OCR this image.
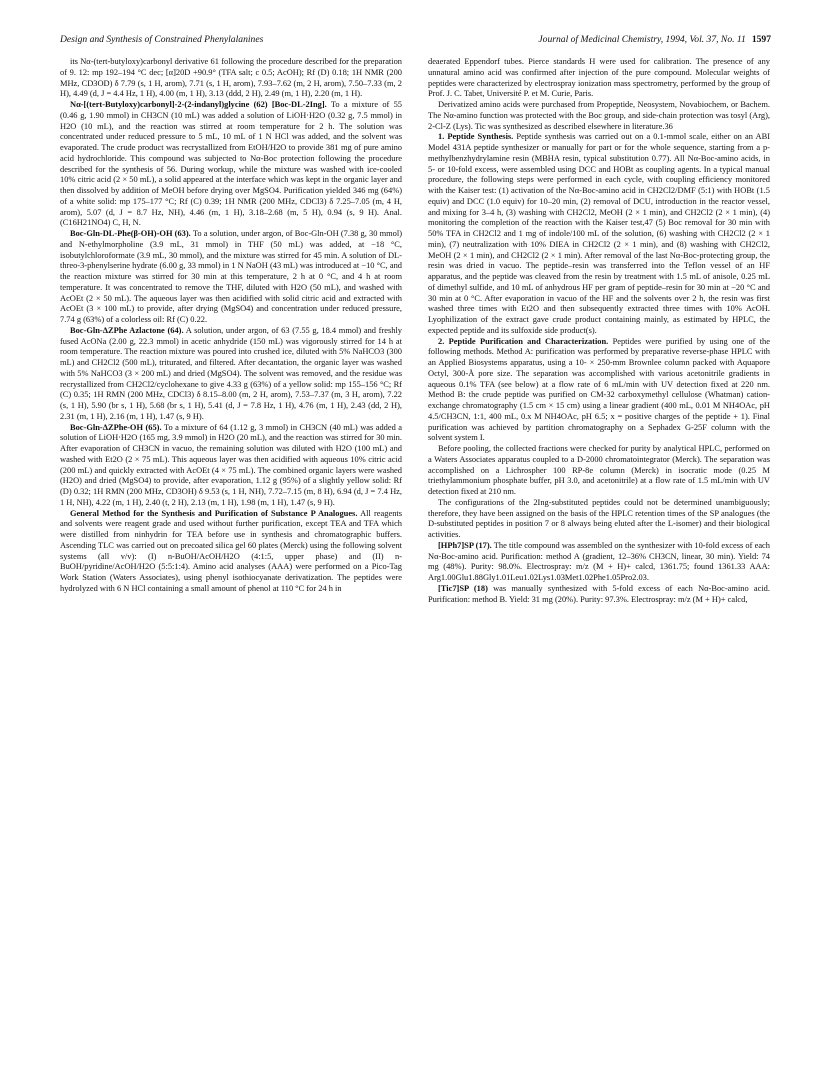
Design and Synthesis of Constrained Phenylalanines	Journal of Medicinal Chemistry, 1994, Vol. 37, No. 11 1597

its Nα-(tert-butyloxy)carbonyl derivative 61 following the procedure described for the preparation of 9. 12: mp 192–194 °C dec; [α]20D +90.9° (TFA salt; c 0.5; AcOH); Rf (D) 0.18; 1H NMR (200 MHz, CD3OD) δ 7.79 (s, 1 H, arom), 7.71 (s, 1 H, arom), 7.93–7.62 (m, 2 H, arom), 7.50–7.33 (m, 2 H), 4.49 (d, J = 4.4 Hz, 1 H), 4.00 (m, 1 H), 3.13 (ddd, 2 H), 2.49 (m, 1 H), 2.20 (m, 1 H).

Nα-[(tert-Butyloxy)carbonyl]-2-(2-indanyl)glycine (62) [Boc-DL-2Ing]. To a mixture of 55 (0.46 g, 1.90 mmol) in CH3CN (10 mL) was added a solution of LiOH·H2O (0.32 g, 7.5 mmol) in H2O (10 mL), and the reaction was stirred at room temperature for 2 h. The solution was concentrated under reduced pressure to 5 mL, 10 mL of 1 N HCl was added, and the solvent was evaporated. The crude product was recrystallized from EtOH/H2O to provide 381 mg of pure amino acid hydrochloride. This compound was subjected to Nα-Boc protection following the procedure described for the synthesis of 56. During workup, while the mixture was washed with ice-cooled 10% citric acid (2 × 50 mL), a solid appeared at the interface which was kept in the organic layer and then dissolved by addition of MeOH before drying over MgSO4. Purification yielded 346 mg (64%) of a white solid: mp 175–177 °C; Rf (C) 0.39; 1H NMR (200 MHz, CDCl3) δ 7.25–7.05 (m, 4 H, arom), 5.07 (d, J = 8.7 Hz, NH), 4.46 (m, 1 H), 3.18–2.68 (m, 5 H), 0.94 (s, 9 H). Anal. (C16H21NO4) C, H, N.

Boc-Gln-DL-Phe(β-OH)-OH (63). To a solution, under argon, of Boc-Gln-OH (7.38 g, 30 mmol) and N-ethylmorpholine (3.9 mL, 31 mmol) in THF (50 mL) was added, at −18 °C, isobutylchloroformate (3.9 mL, 30 mmol), and the mixture was stirred for 45 min. A solution of DL-threo-3-phenylserine hydrate (6.00 g, 33 mmol) in 1 N NaOH (43 mL) was introduced at −10 °C, and the reaction mixture was stirred for 30 min at this temperature, 2 h at 0 °C, and 4 h at room temperature. It was concentrated to remove the THF, diluted with H2O (50 mL), and washed with AcOEt (2 × 50 mL). The aqueous layer was then acidified with solid citric acid and extracted with AcOEt (3 × 100 mL) to provide, after drying (MgSO4) and concentration under reduced pressure, 7.74 g (63%) of a colorless oil: Rf (C) 0.22.

Boc-Gln-ΔZPhe Azlactone (64). A solution, under argon, of 63 (7.55 g, 18.4 mmol) and freshly fused AcONa (2.00 g, 22.3 mmol) in acetic anhydride (150 mL) was vigorously stirred for 14 h at room temperature. The reaction mixture was poured into crushed ice, diluted with 5% NaHCO3 (300 mL) and CH2Cl2 (500 mL), triturated, and filtered. After decantation, the organic layer was washed with 5% NaHCO3 (3 × 200 mL) and dried (MgSO4). The solvent was removed, and the residue was recrystallized from CH2Cl2/cyclohexane to give 4.33 g (63%) of a yellow solid: mp 155–156 °C; Rf (C) 0.35; 1H RMN (200 MHz, CDCl3) δ 8.15–8.00 (m, 2 H, arom), 7.53–7.37 (m, 3 H, arom), 7.22 (s, 1 H), 5.90 (br s, 1 H), 5.68 (br s, 1 H), 5.41 (d, J = 7.8 Hz, 1 H), 4.76 (m, 1 H), 2.43 (dd, 2 H), 2.31 (m, 1 H), 2.16 (m, 1 H), 1.47 (s, 9 H).

Boc-Gln-ΔZPhe-OH (65). To a mixture of 64 (1.12 g, 3 mmol) in CH3CN (40 mL) was added a solution of LiOH·H2O (165 mg, 3.9 mmol) in H2O (20 mL), and the reaction was stirred for 30 min. After evaporation of CH3CN in vacuo, the remaining solution was diluted with H2O (100 mL) and washed with Et2O (2 × 75 mL). This aqueous layer was then acidified with aqueous 10% citric acid (200 mL) and quickly extracted with AcOEt (4 × 75 mL). The combined organic layers were washed (H2O) and dried (MgSO4) to provide, after evaporation, 1.12 g (95%) of a slightly yellow solid: Rf (D) 0.32; 1H RMN (200 MHz, CD3OH) δ 9.53 (s, 1 H, NH), 7.72–7.15 (m, 8 H), 6.94 (d, J = 7.4 Hz, 1 H, NH), 4.22 (m, 1 H), 2.40 (t, 2 H), 2.13 (m, 1 H), 1.98 (m, 1 H), 1.47 (s, 9 H).

General Method for the Synthesis and Purification of Substance P Analogues. All reagents and solvents were reagent grade and used without further purification, except TEA and TFA which were distilled from ninhydrin for TEA before use in synthesis and chromatographic buffers. Ascending TLC was carried out on precoated silica gel 60 plates (Merck) using the following solvent systems (all v/v): (I) n-BuOH/AcOH/H2O (4:1:5, upper phase) and (II) n-BuOH/pyridine/AcOH/H2O (5:5:1:4). Amino acid analyses (AAA) were performed on a Pico-Tag Work Station (Waters Associates), using phenyl isothiocyanate derivatization. The peptides were hydrolyzed with 6 N HCl containing a small amount of phenol at 110 °C for 24 h in

deaerated Eppendorf tubes. Pierce standards H were used for calibration. The presence of any unnatural amino acid was confirmed after injection of the pure compound. Molecular weights of peptides were characterized by electrospray ionization mass spectrometry, performed by the group of Prof. J. C. Tabet, Université P. et M. Curie, Paris.

Derivatized amino acids were purchased from Propeptide, Neosystem, Novabiochem, or Bachem. The Nα-amino function was protected with the Boc group, and side-chain protection was tosyl (Arg), 2-Cl-Z (Lys). Tic was synthesized as described elsewhere in literature.36

1. Peptide Synthesis. Peptide synthesis was carried out on a 0.1-mmol scale, either on an ABI Model 431A peptide synthesizer or manually for part or for the whole sequence, starting from a p-methylbenzhydrylamine resin (MBHA resin, typical substitution 0.77). All Nα-Boc-amino acids, in 5- or 10-fold excess, were assembled using DCC and HOBt as coupling agents. In a typical manual procedure, the following steps were performed in each cycle, with coupling efficiency monitored with the Kaiser test: (1) activation of the Nα-Boc-amino acid in CH2Cl2/DMF (5:1) with HOBt (1.5 equiv) and DCC (1.0 equiv) for 10–20 min, (2) removal of DCU, introduction in the reactor vessel, and mixing for 3–4 h, (3) washing with CH2Cl2, MeOH (2 × 1 min), and CH2Cl2 (2 × 1 min), (4) monitoring the completion of the reaction with the Kaiser test,47 (5) Boc removal for 30 min with 50% TFA in CH2Cl2 and 1 mg of indole/100 mL of the solution, (6) washing with CH2Cl2 (2 × 1 min), (7) neutralization with 10% DIEA in CH2Cl2 (2 × 1 min), and (8) washing with CH2Cl2, MeOH (2 × 1 min), and CH2Cl2 (2 × 1 min). After removal of the last Nα-Boc-protecting group, the resin was dried in vacuo. The peptide–resin was transferred into the Teflon vessel of an HF apparatus, and the peptide was cleaved from the resin by treatment with 1.5 mL of anisole, 0.25 mL of dimethyl sulfide, and 10 mL of anhydrous HF per gram of peptide–resin for 30 min at −20 °C and 30 min at 0 °C. After evaporation in vacuo of the HF and the solvents over 2 h, the resin was first washed three times with Et2O and then subsequently extracted three times with 10% AcOH. Lyophilization of the extract gave crude product containing mainly, as estimated by HPLC, the expected peptide and its sulfoxide side product(s).

2. Peptide Purification and Characterization. Peptides were purified by using one of the following methods. Method A: purification was performed by preparative reverse-phase HPLC with an Applied Biosystems apparatus, using a 10- × 250-mm Brownlee column packed with Aquapore Octyl, 300-Å pore size. The separation was accomplished with various acetonitrile gradients in aqueous 0.1% TFA (see below) at a flow rate of 6 mL/min with UV detection fixed at 220 nm. Method B: the crude peptide was purified on CM-32 carboxymethyl cellulose (Whatman) cation-exchange chromatography (1.5 cm × 15 cm) using a linear gradient (400 mL, 0.01 M NH4OAc, pH 4.5/CH3CN, 1:1, 400 mL, 0.x M NH4OAc, pH 6.5; x = positive charges of the peptide + 1). Final purification was achieved by partition chromatography on a Sephadex G-25F column with the solvent system I.

Before pooling, the collected fractions were checked for purity by analytical HPLC, performed on a Waters Associates apparatus coupled to a D-2000 chromatointegrator (Merck). The separation was accomplished on a Lichrospher 100 RP-8e column (Merck) in isocratic mode (0.25 M triethylammonium phosphate buffer, pH 3.0, and acetonitrile) at a flow rate of 1.5 mL/min with UV detection fixed at 210 nm.

The configurations of the 2Ing-substituted peptides could not be determined unambiguously; therefore, they have been assigned on the basis of the HPLC retention times of the SP analogues (the D-substituted peptides in position 7 or 8 always being eluted after the L-isomer) and their biological activities.

[HPh7]SP (17). The title compound was assembled on the synthesizer with 10-fold excess of each Nα-Boc-amino acid. Purification: method A (gradient, 12–36% CH3CN, linear, 30 min). Yield: 74 mg (48%). Purity: 98.0%. Electrospray: m/z (M + H)+ calcd, 1361.75; found 1361.33 AAA: Arg1.00Glu1.88Gly1.01Leu1.02Lys1.03Met1.02Phe1.05Pro2.03.

[Tic7]SP (18) was manually synthesized with 5-fold excess of each Nα-Boc-amino acid. Purification: method B. Yield: 31 mg (20%). Purity: 97.3%. Electrospray: m/z (M + H)+ calcd,
